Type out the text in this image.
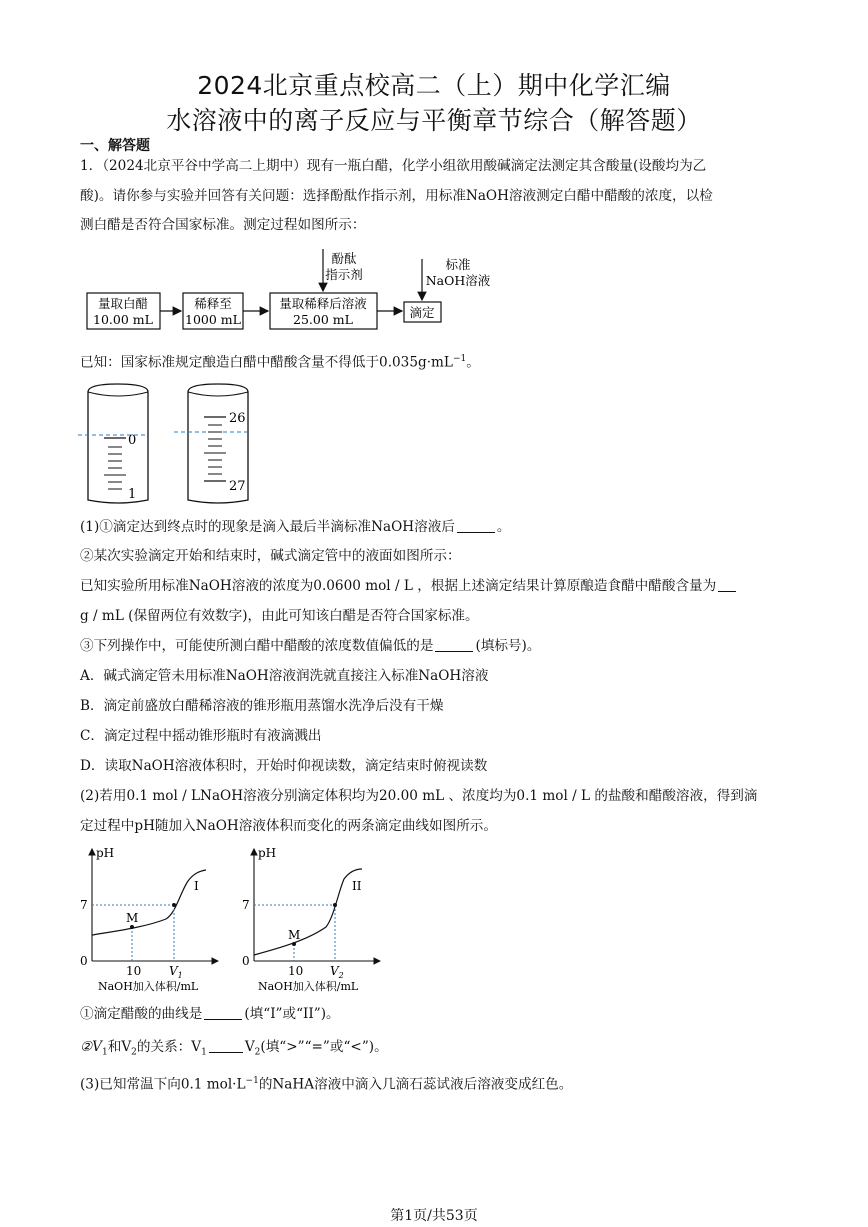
2024北京重点校高二（上）期中化学汇编
水溶液中的离子反应与平衡章节综合（解答题）
一、解答题
1．（2024北京平谷中学高二上期中）现有一瓶白醋，化学小组欲用酸碱滴定法测定其含酸量(设酸均为乙
酸)。请你参与实验并回答有关问题：选择酚酞作指示剂，用标准NaOH溶液测定白醋中醋酸的浓度，以检
测白醋是否符合国家标准。测定过程如图所示：
量取白醋
10.00 mL
稀释至
1000 mL
量取稀释后溶液
25.00 mL	滴定
酚酞
指示剂
标准
NaOH溶液
已知：国家标准规定酿造白醋中醋酸含量不得低于$0.035g\cdot mL^{-1}$。
0
1
26
27
(1)①滴定达到终点时的现象是滴入最后半滴标准NaOH溶液后	。
②某次实验滴定开始和结束时，碱式滴定管中的液面如图所示：
已知实验所用标准NaOH溶液的浓度为0.0600 mol / L ，根据上述滴定结果计算原酿造食醋中醋酸含量为
g / mL (保留两位有效数字)，由此可知该白醋是否符合国家标准。
③下列操作中，可能使所测白醋中醋酸的浓度数值偏低的是	(填标号)。
A．碱式滴定管未用标准NaOH溶液润洗就直接注入标准NaOH溶液
B．滴定前盛放白醋稀溶液的锥形瓶用蒸馏水洗净后没有干燥
C．滴定过程中摇动锥形瓶时有液滴溅出
D．读取NaOH溶液体积时，开始时仰视读数，滴定结束时俯视读数
(2)若用0.1 mol / LNaOH溶液分别滴定体积均为20.00 mL 、浓度均为0.1 mol / L 的盐酸和醋酸溶液，得到滴
定过程中pH随加入NaOH溶液体积而变化的两条滴定曲线如图所示。
pH
7
0
10 $V_1$
I
M
NaOH加入体积/mL
pH
7
0
10 $V_2$
II
M
NaOH加入体积/mL
①滴定醋酸的曲线是	(填“I”或“II”)。
$②V_1$和$V_2$的关系：$V_1$	$V_2$(填“>”“=”或“<”)。
(3)已知常温下向0.1 $mol\cdot L^{-1}$的NaHA溶液中滴入几滴石蕊试液后溶液变成红色。
第1页/共53页
